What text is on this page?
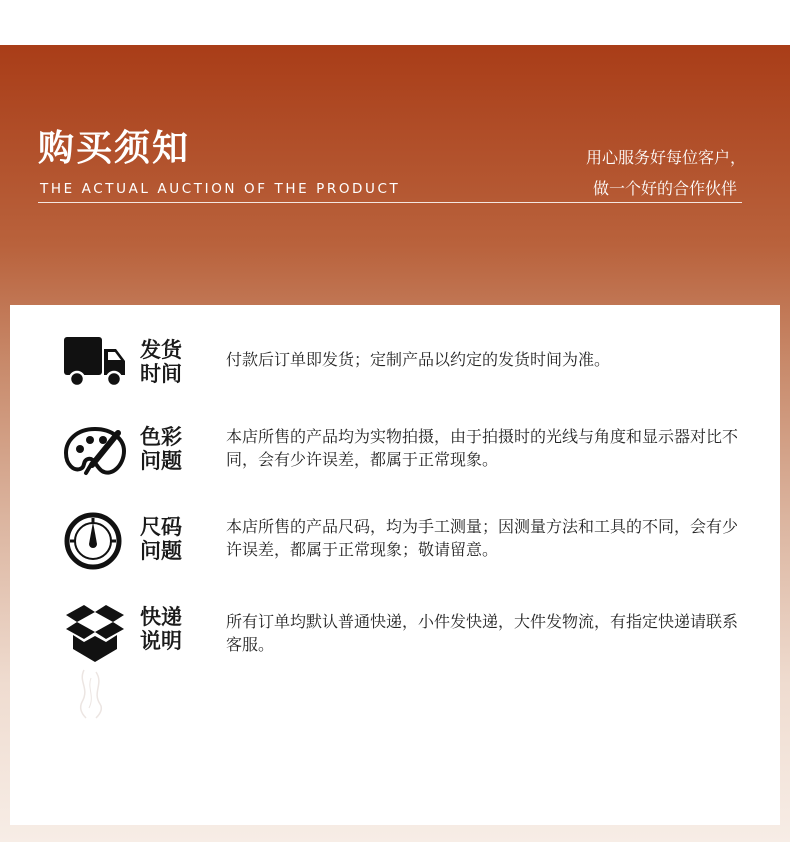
购买须知
THE ACTUAL AUCTION OF THE PRODUCT
用心服务好每位客户，
做一个好的合作伙伴
发货
时间
付款后订单即发货；定制产品以约定的发货时间为准。
色彩
问题
本店所售的产品均为实物拍摄，由于拍摄时的光线与角度和显示器对比不同，会有少许误差，都属于正常现象。
尺码
问题
本店所售的产品尺码，均为手工测量；因测量方法和工具的不同，会有少许误差，都属于正常现象；敬请留意。
快递
说明
所有订单均默认普通快递，小件发快递，大件发物流，有指定快递请联系客服。
